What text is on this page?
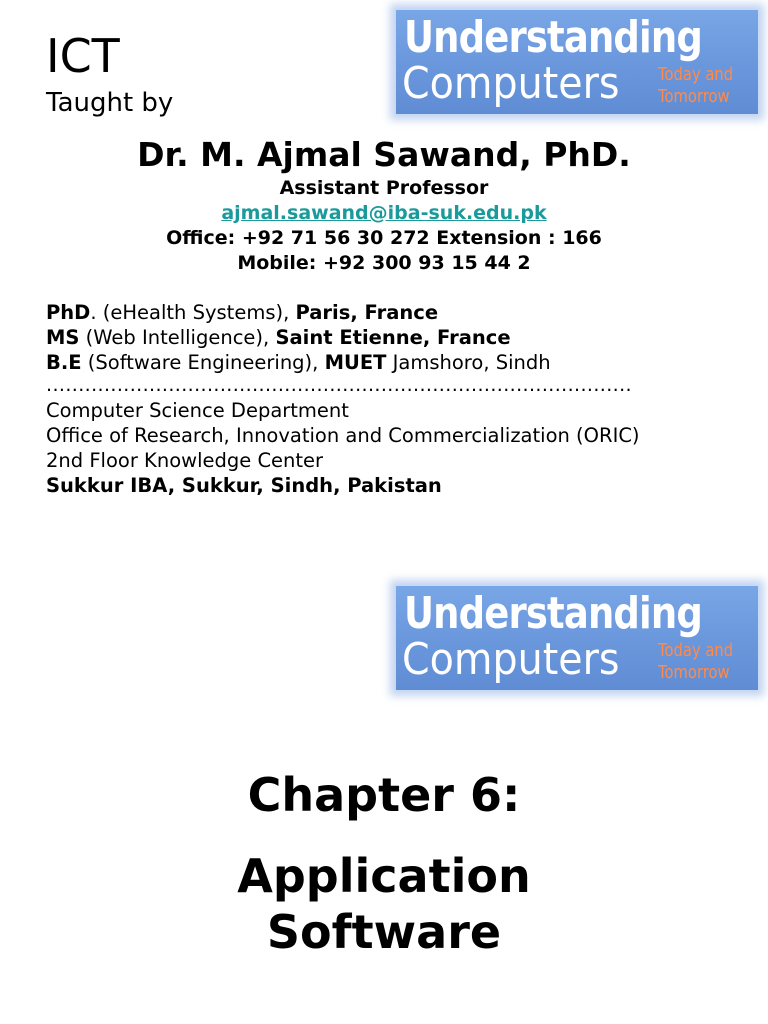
ICT
Taught by
Understanding
Computers Today and
Tomorrow
Dr. M. Ajmal Sawand, PhD.
Assistant Professor
ajmal.sawand@iba-suk.edu.pk
Office: +92 71 56 30 272 Extension : 166
Mobile: +92 300 93 15 44 2
PhD. (eHealth Systems), Paris, France
MS (Web Intelligence), Saint Etienne, France
B.E (Software Engineering), MUET Jamshoro, Sindh
...........................................................................................
Computer Science Department
Office of Research, Innovation and Commercialization (ORIC)
2nd Floor Knowledge Center
Sukkur IBA, Sukkur, Sindh, Pakistan
Understanding
Computers Today and
Tomorrow
Chapter 6:
Application
Software
